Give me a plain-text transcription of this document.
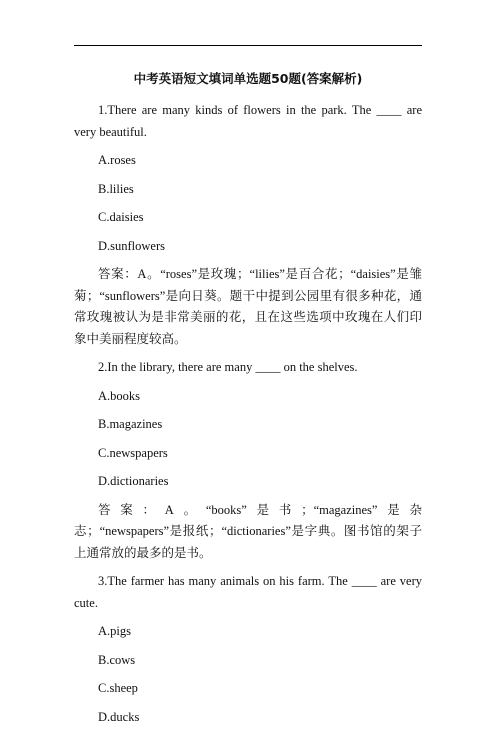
中考英语短文填词单选题50题(答案解析)
1.There are many kinds of flowers in the park. The ____ are very beautiful.
A.roses
B.lilies
C.daisies
D.sunflowers
答案：A。“roses”是玫瑰；“lilies”是百合花；“daisies”是雏菊；“sunflowers”是向日葵。题干中提到公园里有很多种花，通常玫瑰被认为是非常美丽的花，且在这些选项中玫瑰在人们印象中美丽程度较高。
2.In the library, there are many ____ on the shelves.
A.books
B.magazines
C.newspapers
D.dictionaries
答案：A。“books”是书；“magazines”是杂志；“newspapers”是报纸；“dictionaries”是字典。图书馆的架子上通常放的最多的是书。
3.The farmer has many animals on his farm. The ____ are very cute.
A.pigs
B.cows
C.sheep
D.ducks
